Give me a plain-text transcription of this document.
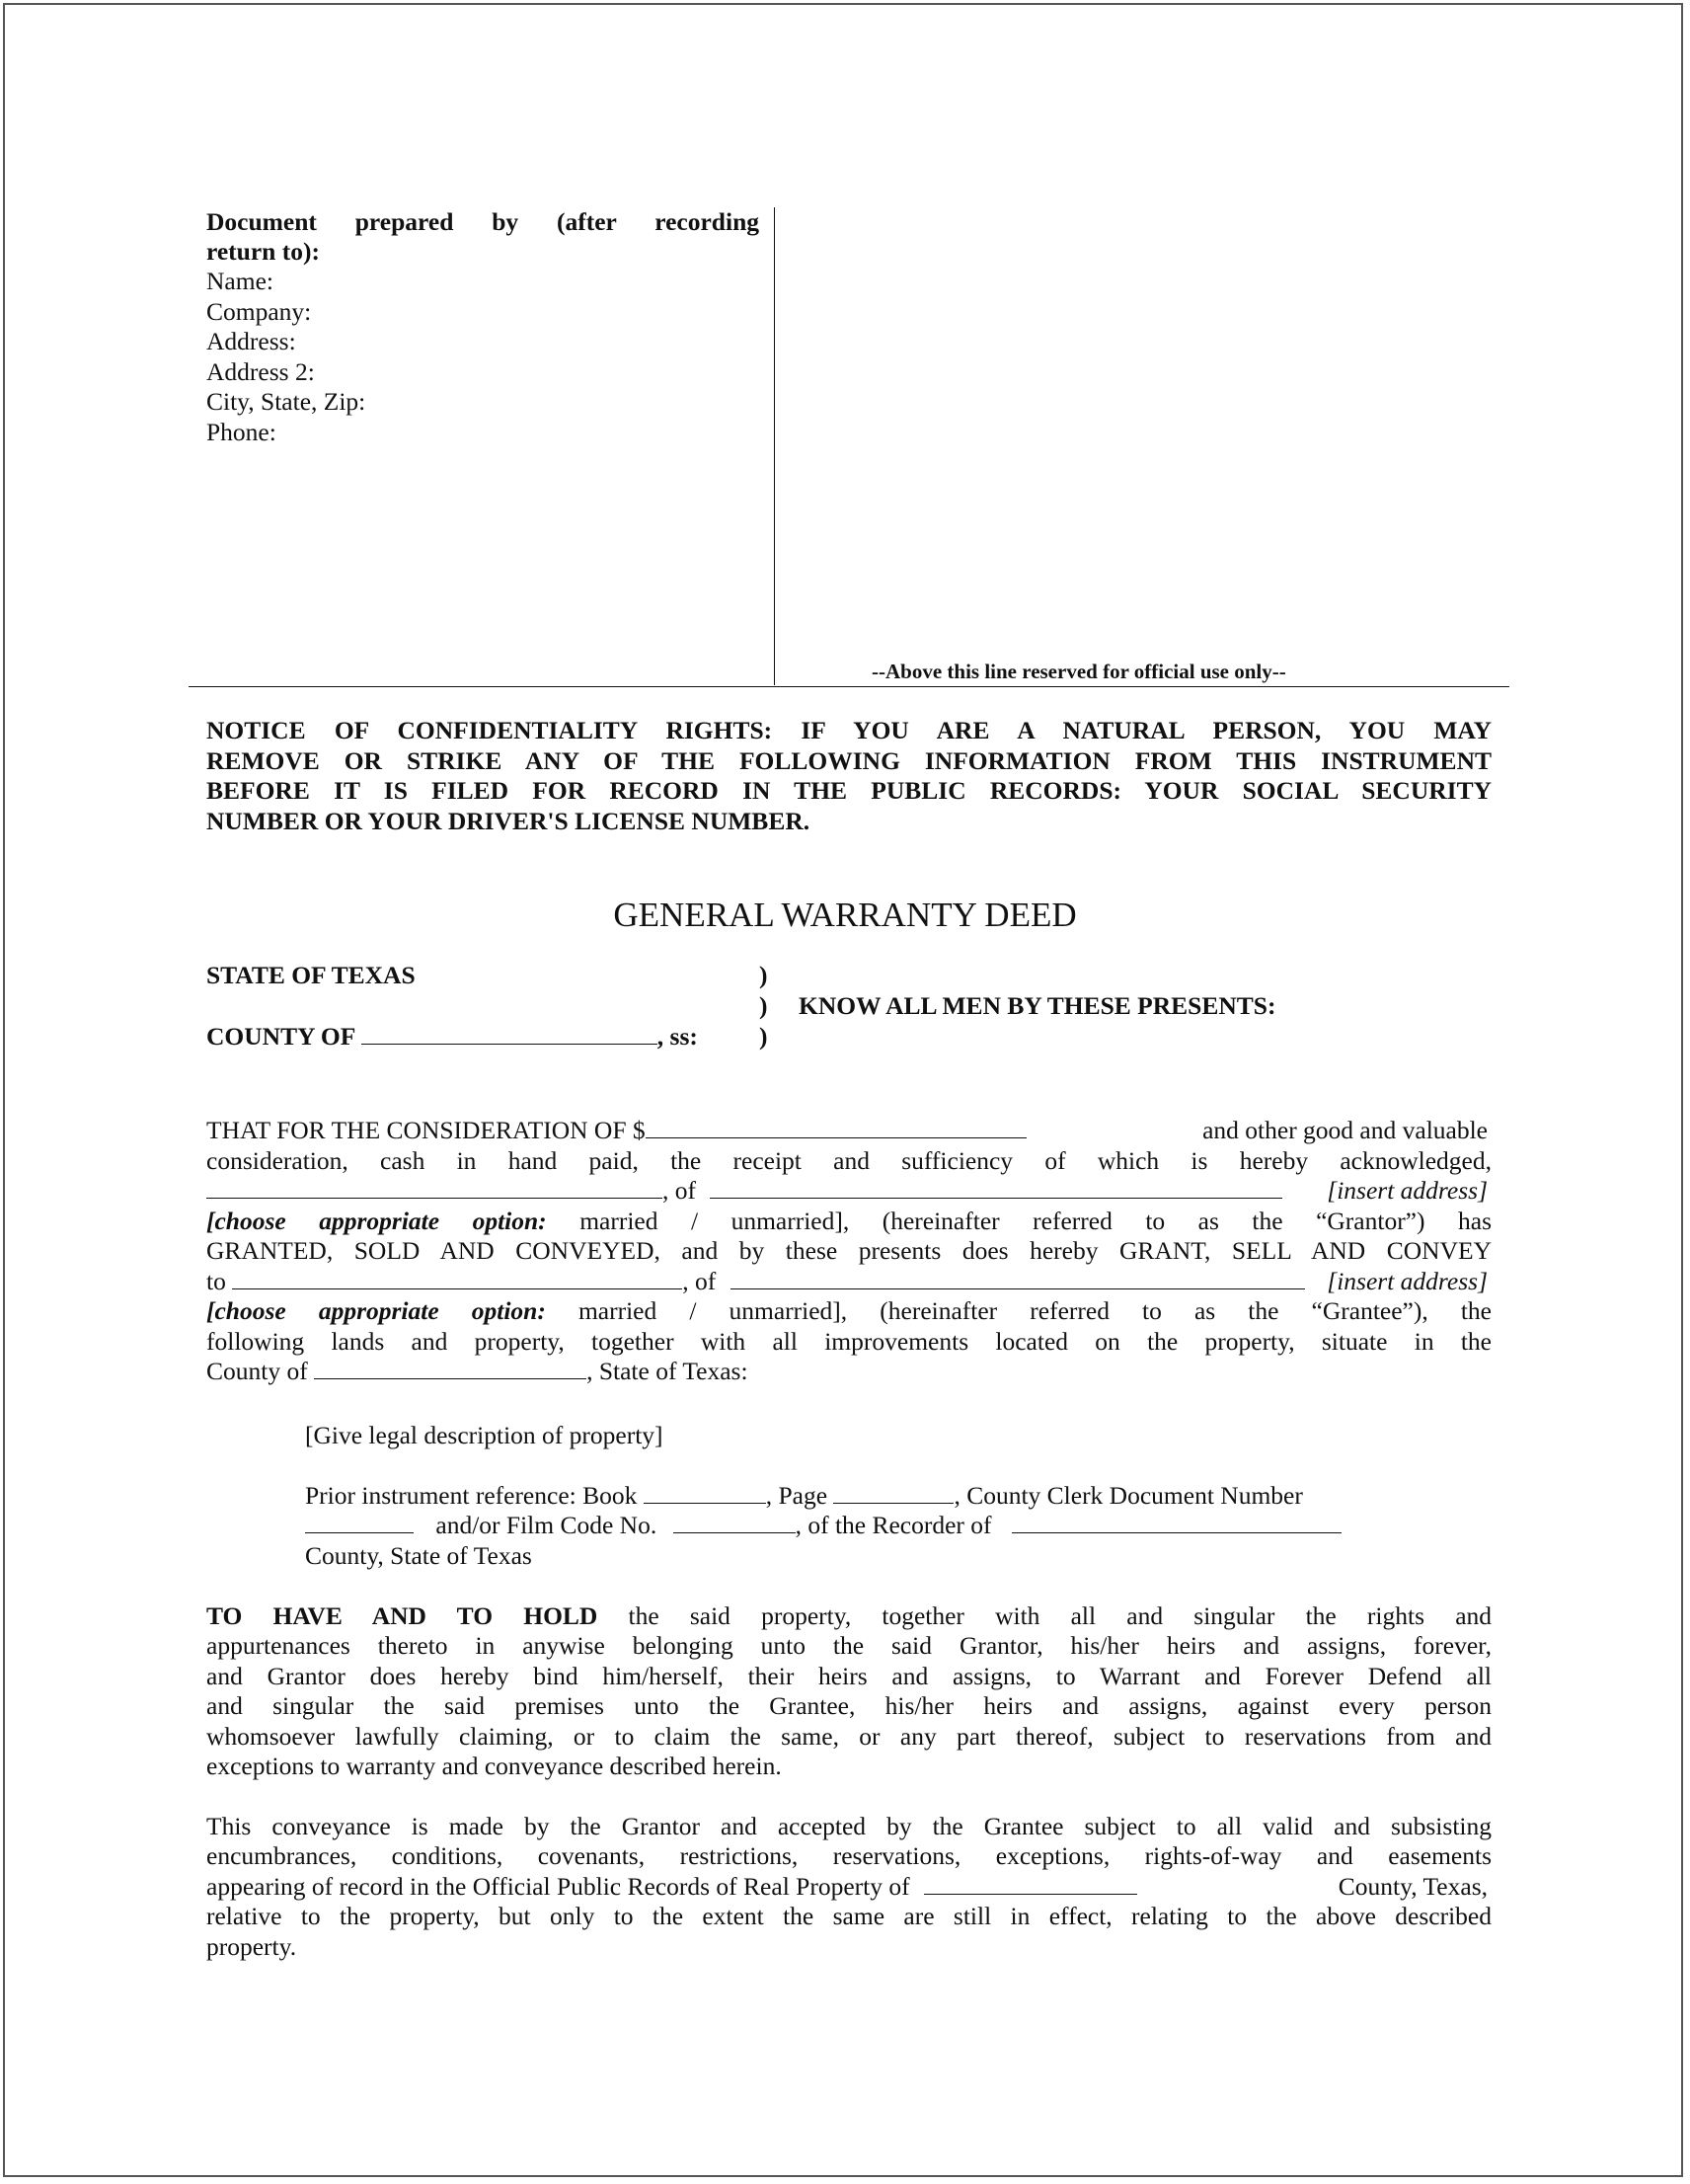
Document prepared by (after recording
return to):
Name:
Company:
Address:
Address 2:
City, State, Zip:
Phone:
--Above this line reserved for official use only--
NOTICE OF CONFIDENTIALITY RIGHTS: IF YOU ARE A NATURAL PERSON, YOU MAY
REMOVE OR STRIKE ANY OF THE FOLLOWING INFORMATION FROM THIS INSTRUMENT
BEFORE IT IS FILED FOR RECORD IN THE PUBLIC RECORDS: YOUR SOCIAL SECURITY
NUMBER OR YOUR DRIVER'S LICENSE NUMBER.
GENERAL WARRANTY DEED
STATE OF TEXAS
COUNTY OF	, ss:
)
)
)
KNOW ALL MEN BY THESE PRESENTS:
THAT FOR THE CONSIDERATION OF $	and other good and valuable
consideration, cash in hand paid, the receipt and sufficiency of which is hereby acknowledged,
, of	[insert address]
[choose appropriate option: married / unmarried], (hereinafter referred to as the “Grantor”) has
GRANTED, SOLD AND CONVEYED, and by these presents does hereby GRANT, SELL AND CONVEY
to	, of	[insert address]
[choose appropriate option: married / unmarried], (hereinafter referred to as the “Grantee”), the
following lands and property, together with all improvements located on the property, situate in the
County of	, State of Texas:
[Give legal description of property]
Prior instrument reference: Book	, Page	, County Clerk Document Number
and/or Film Code No.	, of the Recorder of
County, State of Texas
TO HAVE AND TO HOLD the said property, together with all and singular the rights and
appurtenances thereto in anywise belonging unto the said Grantor, his/her heirs and assigns, forever,
and Grantor does hereby bind him/herself, their heirs and assigns, to Warrant and Forever Defend all
and singular the said premises unto the Grantee, his/her heirs and assigns, against every person
whomsoever lawfully claiming, or to claim the same, or any part thereof, subject to reservations from and
exceptions to warranty and conveyance described herein.
This conveyance is made by the Grantor and accepted by the Grantee subject to all valid and subsisting
encumbrances, conditions, covenants, restrictions, reservations, exceptions, rights-of-way and easements
appearing of record in the Official Public Records of Real Property of	County, Texas,
relative to the property, but only to the extent the same are still in effect, relating to the above described
property.
